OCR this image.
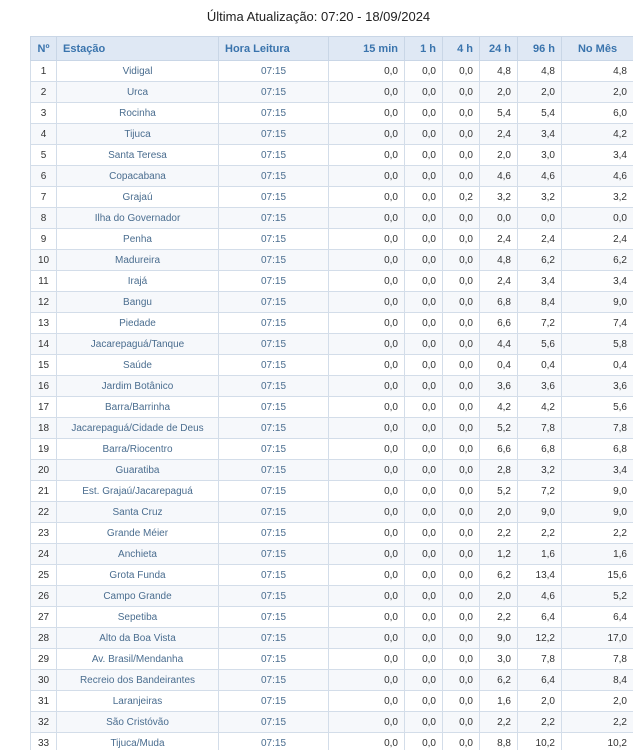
Última Atualização: 07:20 - 18/09/2024
Nº	Estação	Hora Leitura	15 min	1 h	4 h	24 h	96 h	No Mês
1	Vidigal	07:15	0,0	0,0	0,0	4,8	4,8	4,8
2	Urca	07:15	0,0	0,0	0,0	2,0	2,0	2,0
3	Rocinha	07:15	0,0	0,0	0,0	5,4	5,4	6,0
4	Tijuca	07:15	0,0	0,0	0,0	2,4	3,4	4,2
5	Santa Teresa	07:15	0,0	0,0	0,0	2,0	3,0	3,4
6	Copacabana	07:15	0,0	0,0	0,0	4,6	4,6	4,6
7	Grajaú	07:15	0,0	0,0	0,2	3,2	3,2	3,2
8	Ilha do Governador	07:15	0,0	0,0	0,0	0,0	0,0	0,0
9	Penha	07:15	0,0	0,0	0,0	2,4	2,4	2,4
10	Madureira	07:15	0,0	0,0	0,0	4,8	6,2	6,2
11	Irajá	07:15	0,0	0,0	0,0	2,4	3,4	3,4
12	Bangu	07:15	0,0	0,0	0,0	6,8	8,4	9,0
13	Piedade	07:15	0,0	0,0	0,0	6,6	7,2	7,4
14	Jacarepaguá/Tanque	07:15	0,0	0,0	0,0	4,4	5,6	5,8
15	Saúde	07:15	0,0	0,0	0,0	0,4	0,4	0,4
16	Jardim Botânico	07:15	0,0	0,0	0,0	3,6	3,6	3,6
17	Barra/Barrinha	07:15	0,0	0,0	0,0	4,2	4,2	5,6
18	Jacarepaguá/Cidade de Deus	07:15	0,0	0,0	0,0	5,2	7,8	7,8
19	Barra/Riocentro	07:15	0,0	0,0	0,0	6,6	6,8	6,8
20	Guaratiba	07:15	0,0	0,0	0,0	2,8	3,2	3,4
21	Est. Grajaú/Jacarepaguá	07:15	0,0	0,0	0,0	5,2	7,2	9,0
22	Santa Cruz	07:15	0,0	0,0	0,0	2,0	9,0	9,0
23	Grande Méier	07:15	0,0	0,0	0,0	2,2	2,2	2,2
24	Anchieta	07:15	0,0	0,0	0,0	1,2	1,6	1,6
25	Grota Funda	07:15	0,0	0,0	0,0	6,2	13,4	15,6
26	Campo Grande	07:15	0,0	0,0	0,0	2,0	4,6	5,2
27	Sepetiba	07:15	0,0	0,0	0,0	2,2	6,4	6,4
28	Alto da Boa Vista	07:15	0,0	0,0	0,0	9,0	12,2	17,0
29	Av. Brasil/Mendanha	07:15	0,0	0,0	0,0	3,0	7,8	7,8
30	Recreio dos Bandeirantes	07:15	0,0	0,0	0,0	6,2	6,4	8,4
31	Laranjeiras	07:15	0,0	0,0	0,0	1,6	2,0	2,0
32	São Cristóvão	07:15	0,0	0,0	0,0	2,2	2,2	2,2
33	Tijuca/Muda	07:15	0,0	0,0	0,0	8,8	10,2	10,2
